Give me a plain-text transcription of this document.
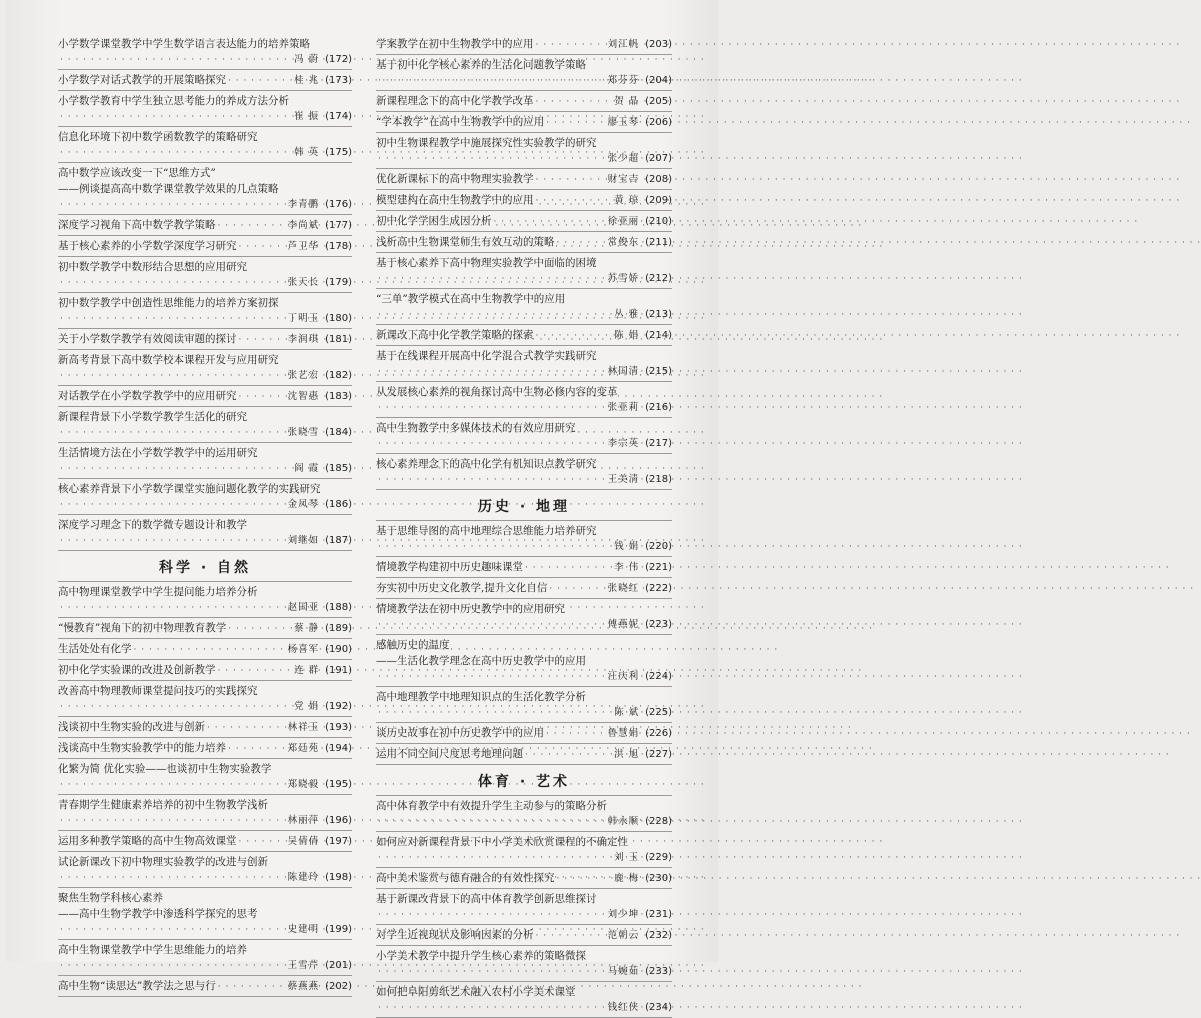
小学数学课堂教学中学生数学语言表达能力的培养策略
· · ·
冯 蔚 (172)
小学数学对话式教学的开展策略探究 · · ·	桂 兆 (173)
小学数学教育中学生独立思考能力的养成方法分析
· · ·
崔 振 (174)
信息化环境下初中数学函数教学的策略研究
· · ·
韩 英 (175)
高中数学应该改变一下“思维方式”
——例谈提高高中数学课堂教学效果的几点策略
· · ·
李青鹏 (176)
深度学习视角下高中数学教学策略 · · ·	李尚斌 (177)
基于核心素养的小学数学深度学习研究 · · ·	芦卫华 (178)
初中数学教学中数形结合思想的应用研究
· · ·
张天长 (179)
初中数学教学中创造性思维能力的培养方案初探
· · ·
丁明玉 (180)
关于小学数学教学有效阅读审题的探讨 · · ·	李润琪 (181)
新高考背景下高中数学校本课程开发与应用研究
· · ·
张艺宏 (182)
对话教学在小学数学教学中的应用研究 · · ·	沈智惠 (183)
新课程背景下小学数学教学生活化的研究
· · ·
张晓雪 (184)
生活情境方法在小学数学教学中的运用研究
· · ·
阎 霞 (185)
核心素养背景下小学数学课堂实施问题化教学的实践研究
· · ·
金凤琴 (186)
深度学习理念下的数学微专题设计和教学
· · ·
刘继如 (187)
科学 · 自然
高中物理课堂教学中学生提问能力培养分析
· · ·
赵国亚 (188)
“慢教育”视角下的初中物理教育教学 · · ·	蔡 静 (189)
生活处处有化学 · · ·	杨喜军 (190)
初中化学实验课的改进及创新教学 · · ·	连 群 (191)
改善高中物理教师课堂提问技巧的实践探究
· · ·
党 娟 (192)
浅谈初中生物实验的改进与创新 · · ·	林祥玉 (193)
浅谈高中生物实验教学中的能力培养 · · ·	郑廷苑 (194)
化繁为简 优化实验——也谈初中生物实验教学
· · ·
郑晓毅 (195)
青春期学生健康素养培养的初中生物教学浅析
· · ·
林丽萍 (196)
运用多种教学策略的高中生物高效课堂 · · ·	吴倩倩 (197)
试论新课改下初中物理实验教学的改进与创新
· · ·
陈建玲 (198)
聚焦生物学科核心素养
——高中生物学教学中渗透科学探究的思考
· · ·
史建明 (199)
高中生物课堂教学中学生思维能力的培养
· · ·
王雪芹 (201)
高中生物“读思达”教学法之思与行 · · ·	蔡燕燕 (202)
学案教学在初中生物教学中的应用 · · ·	刘江帆 (203)
基于初中化学核心素养的生活化问题教学策略
· · ·
郑芬芬 (204)
新课程理念下的高中化学教学改革 · · ·	贺 晶 (205)
“学本教学”在高中生物教学中的应用 · · ·	廖玉琴 (206)
初中生物课程教学中施展探究性实验教学的研究
· · ·
张少超 (207)
优化新课标下的高中物理实验教学 · · ·	财宝吉 (208)
模型建构在高中生物教学中的应用 · · ·	黄 琼 (209)
初中化学学困生成因分析 · · ·	徐亚丽 (210)
浅析高中生物课堂师生有效互动的策略 · · ·	常俊东 (211)
基于核心素养下高中物理实验教学中面临的困境
· · ·
苏雪娇 (212)
“三单”教学模式在高中生物教学中的应用
· · ·
丛 雅 (213)
新课改下高中化学教学策略的探索 · · ·	陈 娟 (214)
基于在线课程开展高中化学混合式教学实践研究
· · ·
林国清 (215)
从发展核心素养的视角探讨高中生物必修内容的变革
· · ·
张亚莉 (216)
高中生物教学中多媒体技术的有效应用研究
· · ·
李宗英 (217)
核心素养理念下的高中化学有机知识点教学研究
· · ·
王美清 (218)
历史 · 地理
基于思维导图的高中地理综合思维能力培养研究
· · ·
钱 娟 (220)
情境教学构建初中历史趣味课堂 · · ·	李 伟 (221)
夯实初中历史文化教学,提升文化自信 · · ·	张晓红 (222)
情境教学法在初中历史教学中的应用研究
· · ·
傅燕妮 (223)
感触历史的温度
——生活化教学理念在高中历史教学中的应用
· · ·
汪庆利 (224)
高中地理教学中地理知识点的生活化教学分析
· · ·
陈 斌 (225)
谈历史故事在初中历史教学中的应用 · · ·	鲁慧娟 (226)
运用不同空间尺度思考地理问题 · · ·	洪 旭 (227)
体育 · 艺术
高中体育教学中有效提升学生主动参与的策略分析
· · ·
韩永顺 (228)
如何应对新课程背景下中小学美术欣赏课程的不确定性
· · ·
刘 玉 (229)
高中美术鉴赏与德育融合的有效性探究 · · ·	鹿 梅 (230)
基于新课改背景下的高中体育教学创新思维探讨
· · ·
刘少坤 (231)
对学生近视现状及影响因素的分析 · · ·	范朝云 (232)
小学美术教学中提升学生核心素养的策略微探
· · ·
马婉茹 (233)
如何把阜阳剪纸艺术融入农村小学美术课堂
· · ·
钱红侠 (234)
